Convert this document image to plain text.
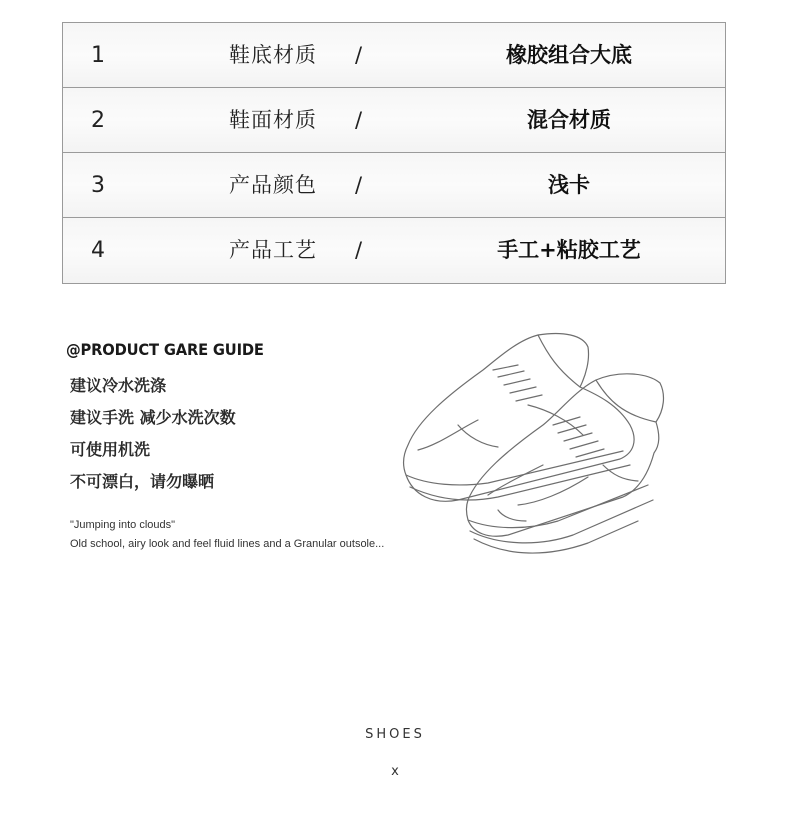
1	鞋底材质 /	橡胶组合大底
2	鞋面材质 /	混合材质
3	产品颜色 /	浅卡
4	产品工艺 /	手工+粘胶工艺
@PRODUCT GARE GUIDE
建议冷水洗涤
建议手洗 减少水洗次数
可使用机洗
不可漂白，请勿曝晒
"Jumping into clouds"
Old school, airy look and feel fluid lines and a Granular outsole...
SHOES
x
